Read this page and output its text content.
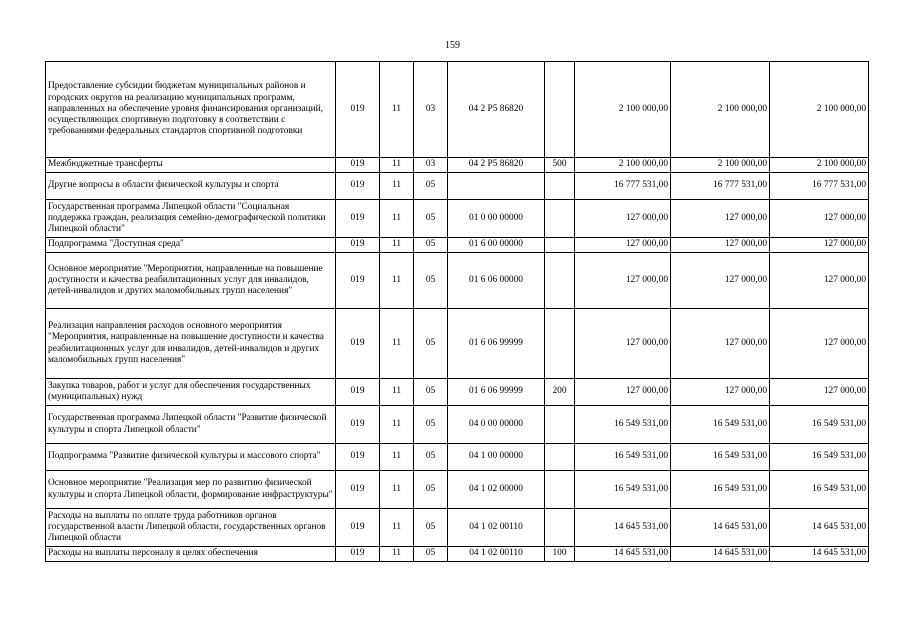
159
Предоставление субсидии бюджетам муниципальных районов и городских округов на реализацию муниципальных программ, направленных на обеспечение уровня финансирования организаций, осуществляющих спортивную подготовку в соответствии с требованиями федеральных стандартов спортивной подготовки	019	11	03	04 2 P5 86820		2 100 000,00	2 100 000,00	2 100 000,00
Межбюджетные трансферты	019	11	03	04 2 P5 86820	500	2 100 000,00	2 100 000,00	2 100 000,00
Другие вопросы в области физической культуры и спорта	019	11	05			16 777 531,00	16 777 531,00	16 777 531,00
Государственная программа Липецкой области "Социальная поддержка граждан, реализация семейно-демографической политики Липецкой области"	019	11	05	01 0 00 00000		127 000,00	127 000,00	127 000,00
Подпрограмма "Доступная среда"	019	11	05	01 6 00 00000		127 000,00	127 000,00	127 000,00
Основное мероприятие "Мероприятия, направленные на повышение доступности и качества реабилитационных услуг для инвалидов, детей-инвалидов и других маломобильных групп населения"	019	11	05	01 6 06 00000		127 000,00	127 000,00	127 000,00
Реализация направления расходов основного мероприятия "Мероприятия, направленные на повышение доступности и качества реабилитационных услуг для инвалидов, детей-инвалидов и других маломобильных групп населения"	019	11	05	01 6 06 99999		127 000,00	127 000,00	127 000,00
Закупка товаров, работ и услуг для обеспечения государственных (муниципальных) нужд	019	11	05	01 6 06 99999	200	127 000,00	127 000,00	127 000,00
Государственная программа Липецкой области "Развитие физической культуры и спорта Липецкой области"	019	11	05	04 0 00 00000		16 549 531,00	16 549 531,00	16 549 531,00
Подпрограмма "Развитие физической культуры и массового спорта"	019	11	05	04 1 00 00000		16 549 531,00	16 549 531,00	16 549 531,00
Основное мероприятие "Реализация мер по развитию физической культуры и спорта Липецкой области, формирование инфраструктуры"	019	11	05	04 1 02 00000		16 549 531,00	16 549 531,00	16 549 531,00
Расходы на выплаты по оплате труда работников органов государственной власти Липецкой области, государственных органов Липецкой области	019	11	05	04 1 02 00110		14 645 531,00	14 645 531,00	14 645 531,00
Расходы на выплаты персоналу в целях обеспечения	019	11	05	04 1 02 00110	100	14 645 531,00	14 645 531,00	14 645 531,00
